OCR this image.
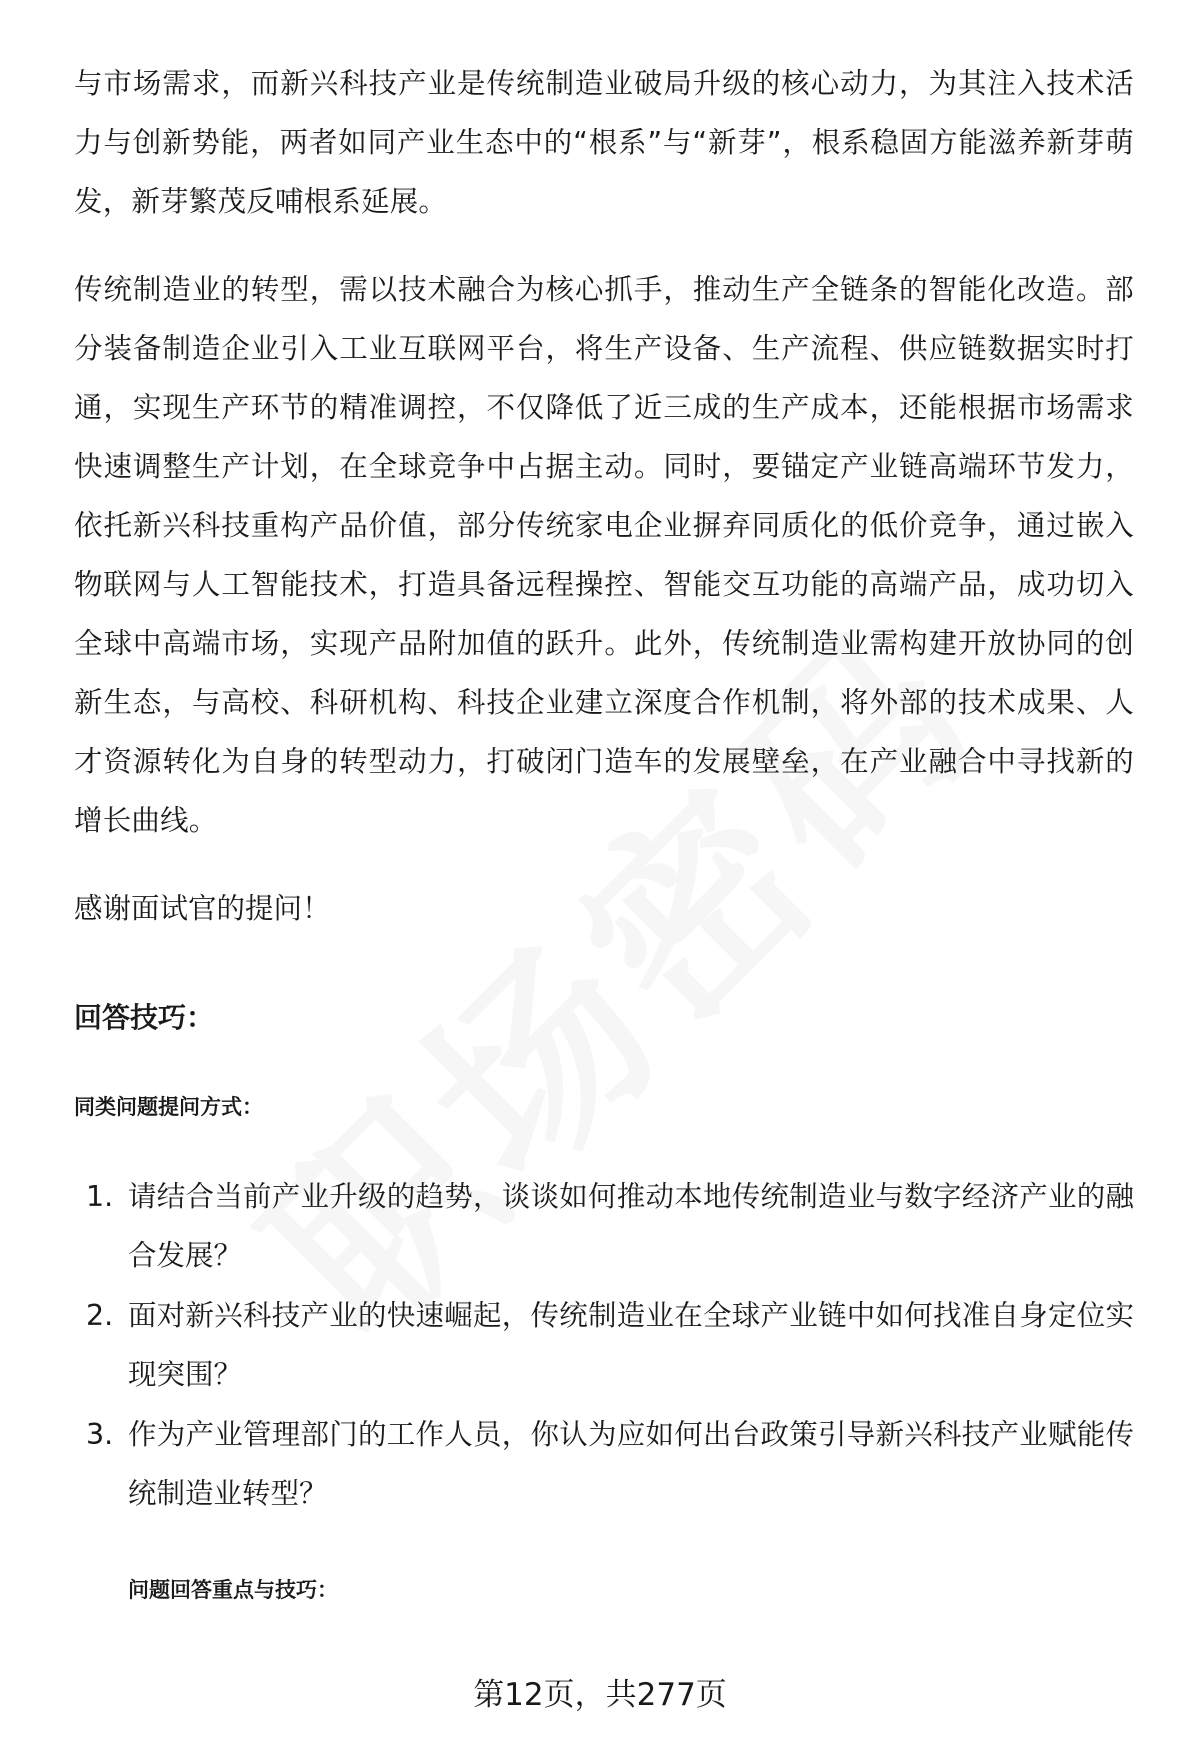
与市场需求，而新兴科技产业是传统制造业破局升级的核心动力，为其注入技术活力与创新势能，两者如同产业生态中的“根系”与“新芽”，根系稳固方能滋养新芽萌发，新芽繁茂反哺根系延展。

传统制造业的转型，需以技术融合为核心抓手，推动生产全链条的智能化改造。部分装备制造企业引入工业互联网平台，将生产设备、生产流程、供应链数据实时打通，实现生产环节的精准调控，不仅降低了近三成的生产成本，还能根据市场需求快速调整生产计划，在全球竞争中占据主动。同时，要锚定产业链高端环节发力，依托新兴科技重构产品价值，部分传统家电企业摒弃同质化的低价竞争，通过嵌入物联网与人工智能技术，打造具备远程操控、智能交互功能的高端产品，成功切入全球中高端市场，实现产品附加值的跃升。此外，传统制造业需构建开放协同的创新生态，与高校、科研机构、科技企业建立深度合作机制，将外部的技术成果、人才资源转化为自身的转型动力，打破闭门造车的发展壁垒，在产业融合中寻找新的增长曲线。

感谢面试官的提问！

回答技巧：
同类问题提问方式：
1. 请结合当前产业升级的趋势，谈谈如何推动本地传统制造业与数字经济产业的融合发展？
2. 面对新兴科技产业的快速崛起，传统制造业在全球产业链中如何找准自身定位实现突围？
3. 作为产业管理部门的工作人员，你认为应如何出台政策引导新兴科技产业赋能传统制造业转型？
问题回答重点与技巧：
第12页，共277页
